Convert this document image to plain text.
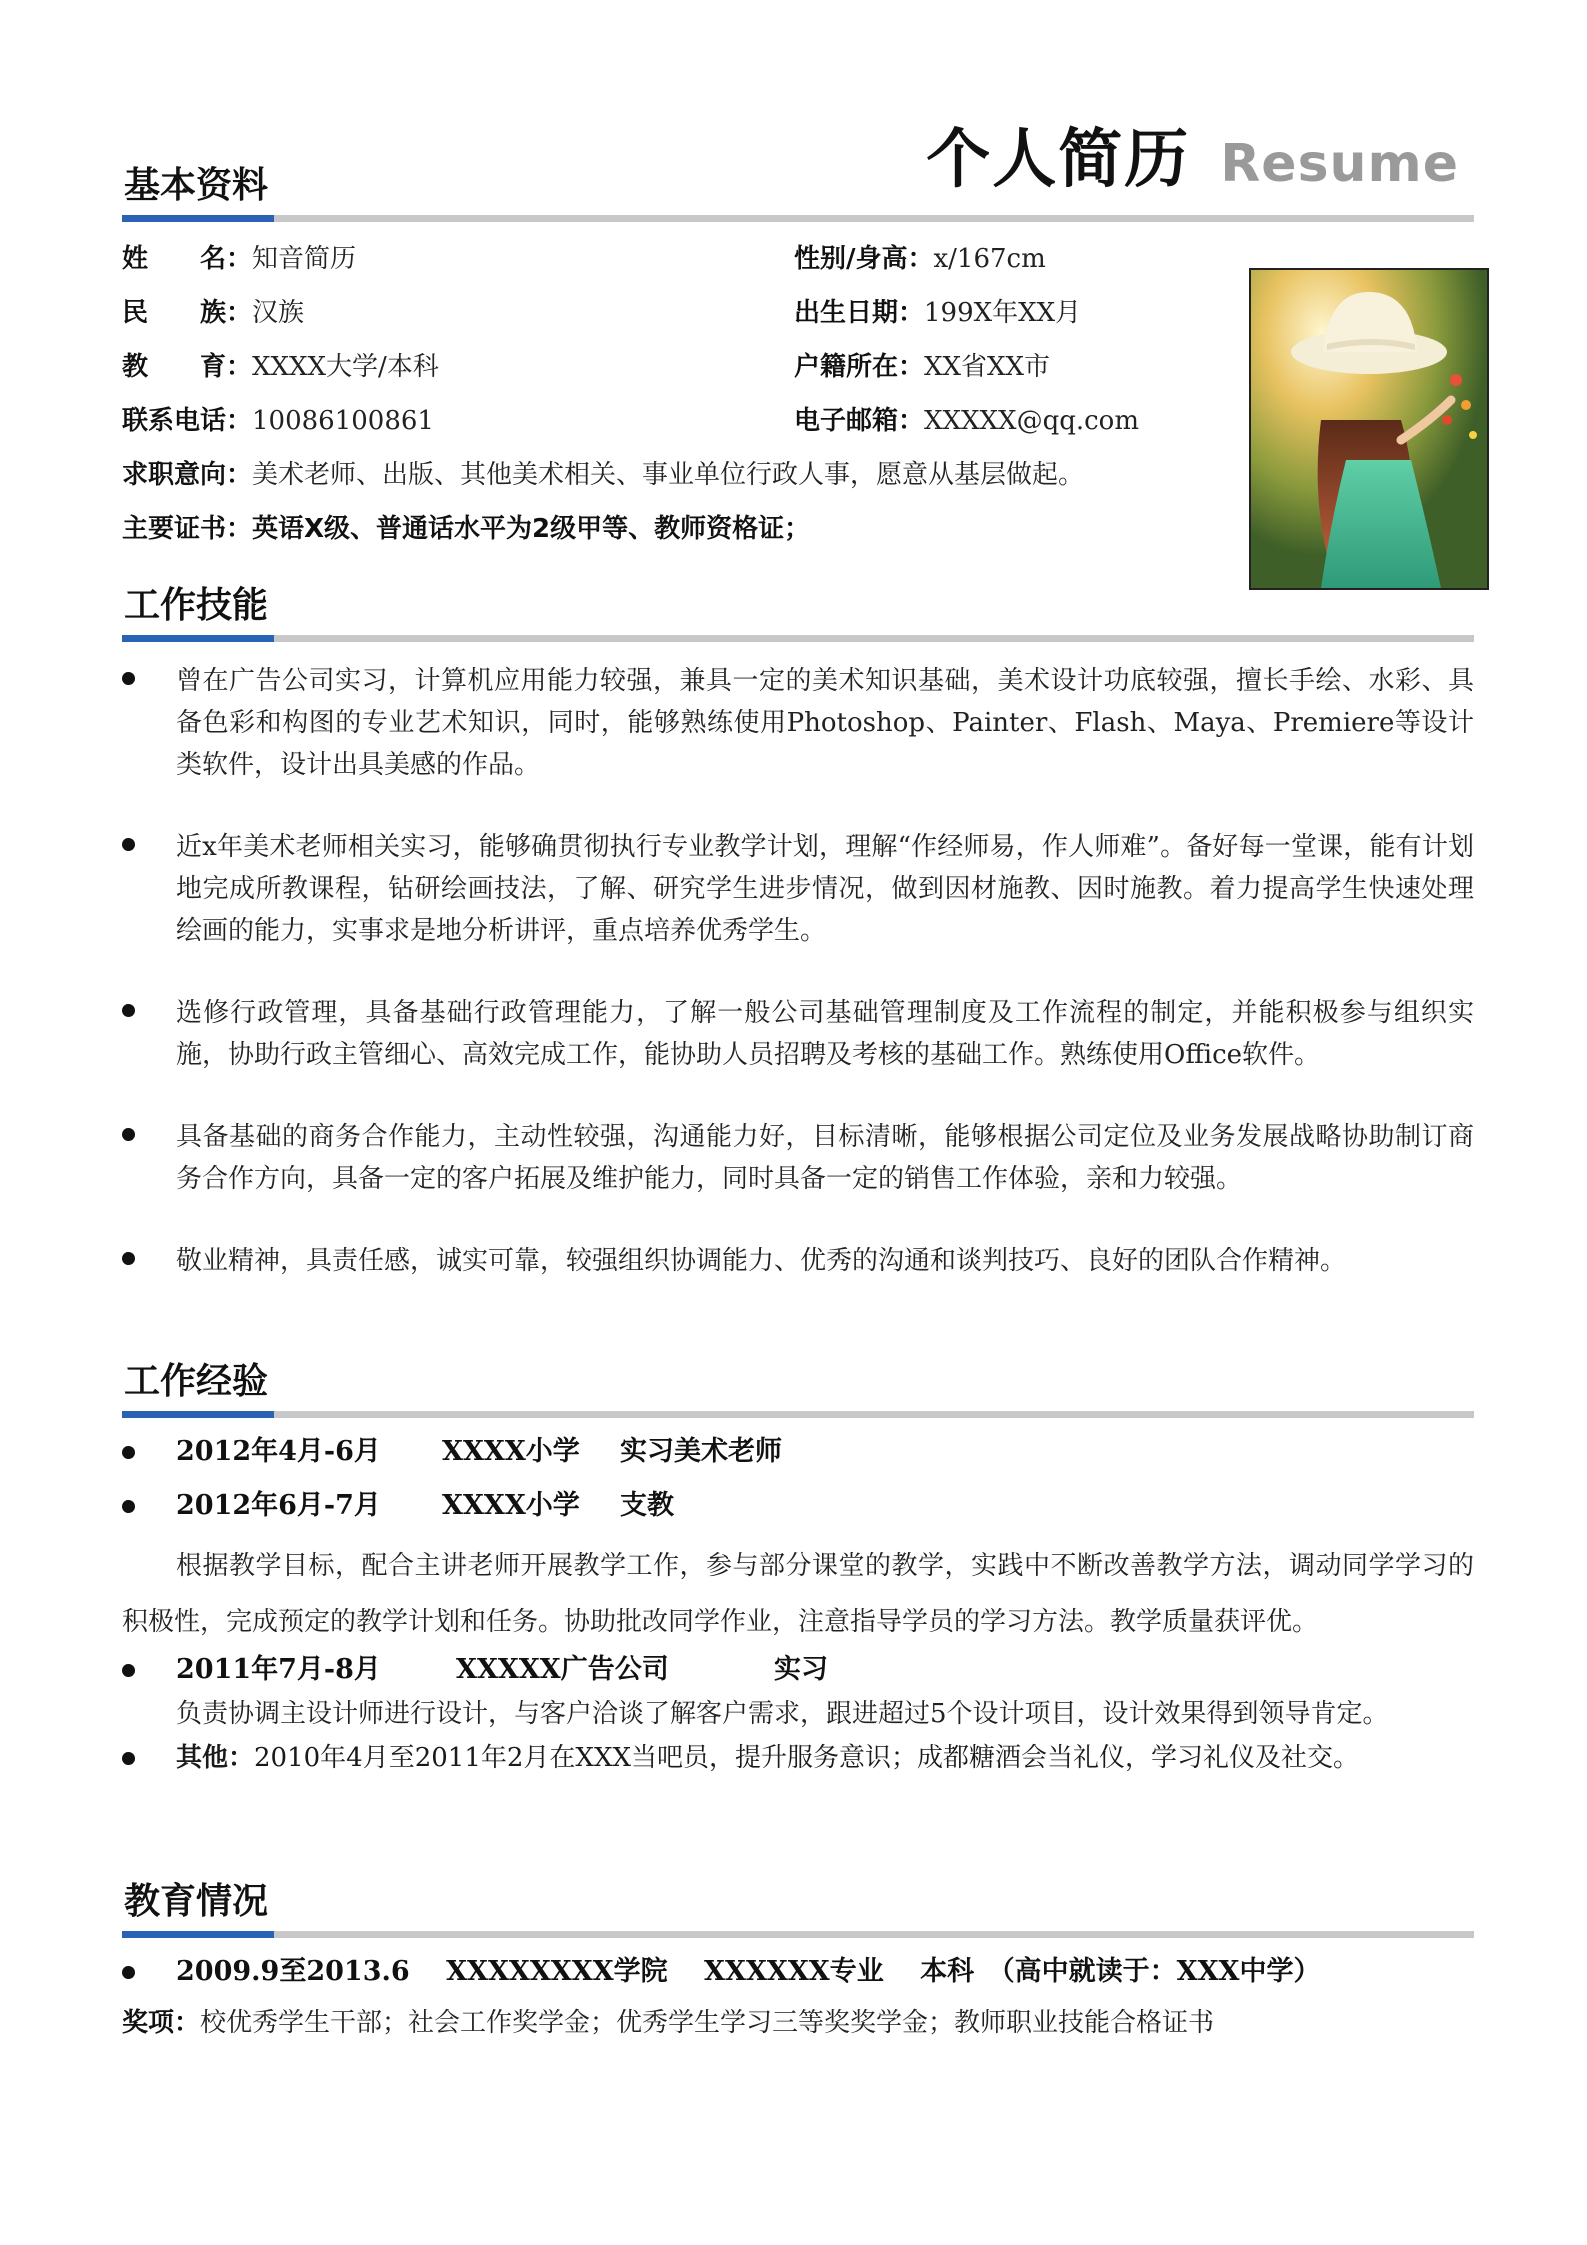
个人简历 Resume
基本资料
姓　　名：知音简历
民　　族：汉族
教　　育：XXXX大学/本科
联系电话：10086100861
求职意向：美术老师、出版、其他美术相关、事业单位行政人事，愿意从基层做起。
主要证书：英语X级、普通话水平为2级甲等、教师资格证；
性别/身高：x/167cm
出生日期：199X年XX月
户籍所在：XX省XX市
电子邮箱：XXXXX@qq.com
工作技能
曾在广告公司实习，计算机应用能力较强，兼具一定的美术知识基础，美术设计功底较强，擅长手绘、水彩、具备色彩和构图的专业艺术知识，同时，能够熟练使用Photoshop、Painter、Flash、Maya、Premiere等设计类软件，设计出具美感的作品。
近x年美术老师相关实习，能够确贯彻执行专业教学计划，理解“作经师易，作人师难”。备好每一堂课，能有计划地完成所教课程，钻研绘画技法，了解、研究学生进步情况，做到因材施教、因时施教。着力提高学生快速处理绘画的能力，实事求是地分析讲评，重点培养优秀学生。
选修行政管理，具备基础行政管理能力，了解一般公司基础管理制度及工作流程的制定，并能积极参与组织实施，协助行政主管细心、高效完成工作，能协助人员招聘及考核的基础工作。熟练使用Office软件。
具备基础的商务合作能力，主动性较强，沟通能力好，目标清晰，能够根据公司定位及业务发展战略协助制订商务合作方向，具备一定的客户拓展及维护能力，同时具备一定的销售工作体验，亲和力较强。
敬业精神，具责任感，诚实可靠，较强组织协调能力、优秀的沟通和谈判技巧、良好的团队合作精神。
工作经验
2012年4月-6月 XXXX小学 实习美术老师
2012年6月-7月 XXXX小学 支教
根据教学目标，配合主讲老师开展教学工作，参与部分课堂的教学，实践中不断改善教学方法，调动同学学习的积极性，完成预定的教学计划和任务。协助批改同学作业，注意指导学员的学习方法。教学质量获评优。
2011年7月-8月	XXXXX广告公司	实习
负责协调主设计师进行设计，与客户洽谈了解客户需求，跟进超过5个设计项目，设计效果得到领导肯定。
其他：2010年4月至2011年2月在XXX当吧员，提升服务意识；成都糖酒会当礼仪，学习礼仪及社交。
教育情况
2009.9至2013.6　 XXXXXXXX学院　 XXXXXX专业　 本科　（高中就读于：XXX中学）
奖项：校优秀学生干部；社会工作奖学金；优秀学生学习三等奖奖学金；教师职业技能合格证书
